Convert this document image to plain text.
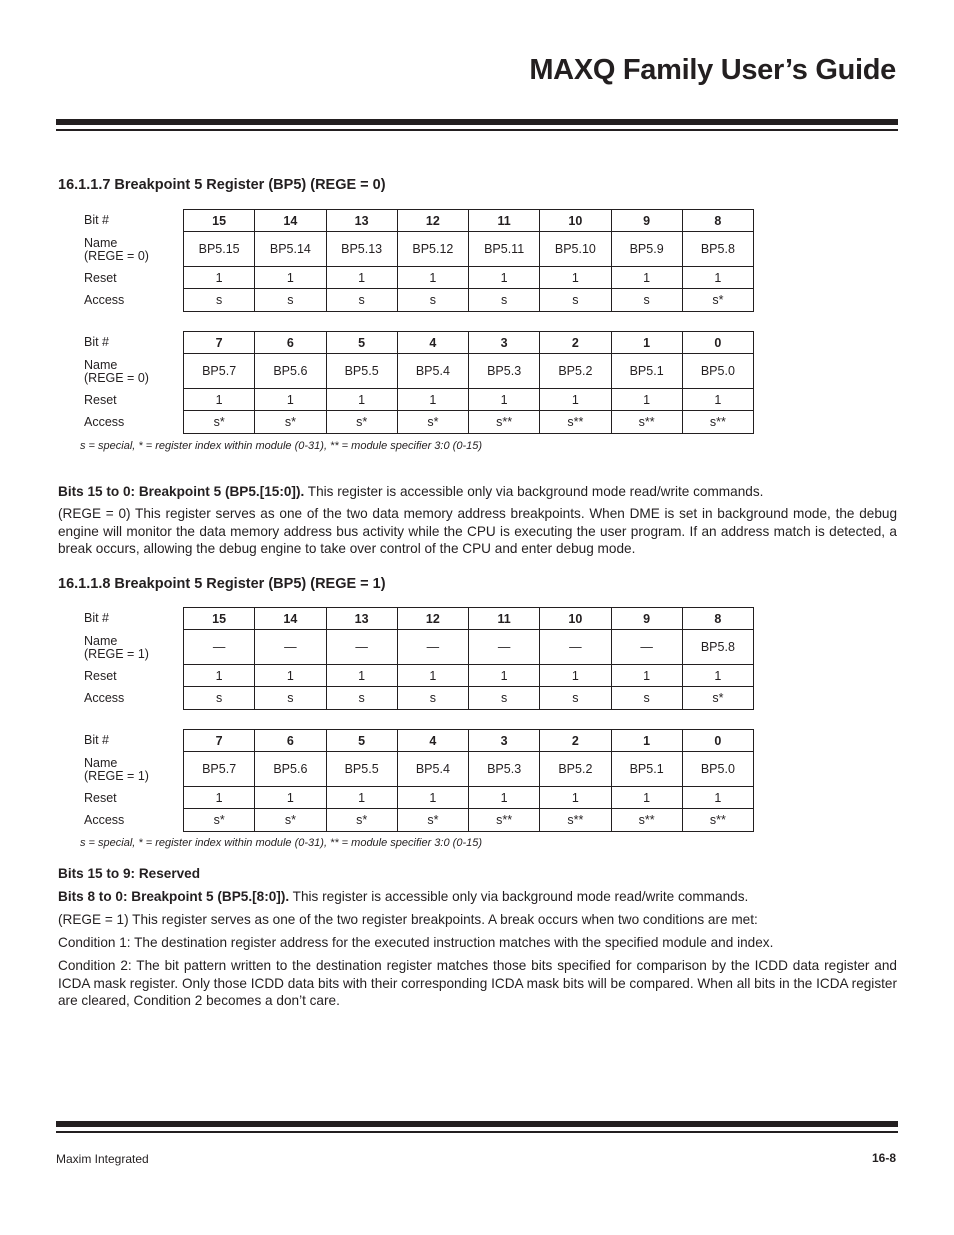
MAXQ Family User’s Guide
16.1.1.7 Breakpoint 5 Register (BP5) (REGE = 0)
Bit #	15	14	13	12	11	10	9	8
Name
(REGE = 0)	BP5.15	BP5.14	BP5.13	BP5.12	BP5.11	BP5.10	BP5.9	BP5.8
Reset	1	1	1	1	1	1	1	1
Access	s	s	s	s	s	s	s	s*
Bit #	7	6	5	4	3	2	1	0
Name
(REGE = 0)	BP5.7	BP5.6	BP5.5	BP5.4	BP5.3	BP5.2	BP5.1	BP5.0
Reset	1	1	1	1	1	1	1	1
Access	s*	s*	s*	s*	s**	s**	s**	s**

s = special, * = register index within module (0-31), ** = module specifier 3:0 (0-15)

Bits 15 to 0: Breakpoint 5 (BP5.[15:0]). This register is accessible only via background mode read/write commands.

(REGE = 0) This register serves as one of the two data memory address breakpoints. When DME is set in background mode, the debug engine will monitor the data memory address bus activity while the CPU is executing the user program. If an address match is detected, a break occurs, allowing the debug engine to take over control of the CPU and enter debug mode.

16.1.1.8 Breakpoint 5 Register (BP5) (REGE = 1)
Bit #	15	14	13	12	11	10	9	8
Name
(REGE = 1)	—	—	—	—	—	—	—	BP5.8
Reset	1	1	1	1	1	1	1	1
Access	s	s	s	s	s	s	s	s*
Bit #	7	6	5	4	3	2	1	0
Name
(REGE = 1)	BP5.7	BP5.6	BP5.5	BP5.4	BP5.3	BP5.2	BP5.1	BP5.0
Reset	1	1	1	1	1	1	1	1
Access	s*	s*	s*	s*	s**	s**	s**	s**

s = special, * = register index within module (0-31), ** = module specifier 3:0 (0-15)

Bits 15 to 9: Reserved

Bits 8 to 0: Breakpoint 5 (BP5.[8:0]). This register is accessible only via background mode read/write commands.

(REGE = 1) This register serves as one of the two register breakpoints. A break occurs when two conditions are met:

Condition 1: The destination register address for the executed instruction matches with the specified module and index.

Condition 2: The bit pattern written to the destination register matches those bits specified for comparison by the ICDD data register and ICDA mask register. Only those ICDD data bits with their corresponding ICDA mask bits will be compared. When all bits in the ICDA register are cleared, Condition 2 becomes a don’t care.

Maxim Integrated	16-8
